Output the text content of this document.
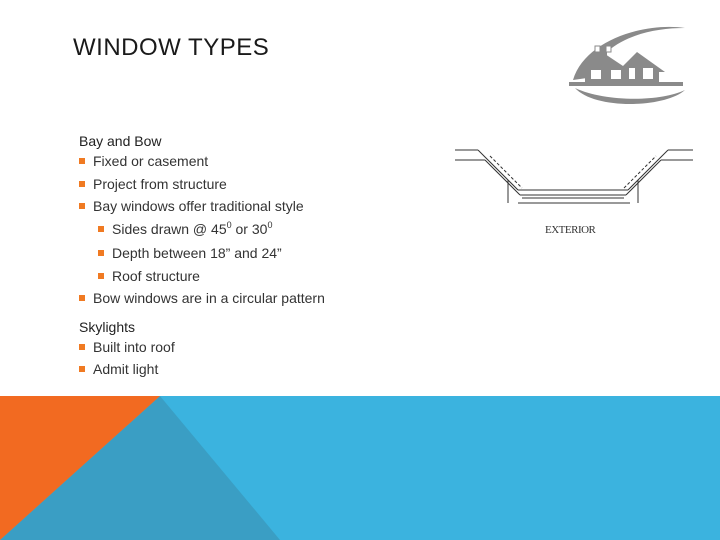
WINDOW TYPES

Bay and Bow

Fixed or casement
Project from structure
Bay windows offer traditional style
Sides drawn @ $45^0$ or $30^0$
Depth between 18” and 24”
Roof structure
Bow windows are in a circular pattern

Skylights

Built into roof
Admit light
EXTERIOR
